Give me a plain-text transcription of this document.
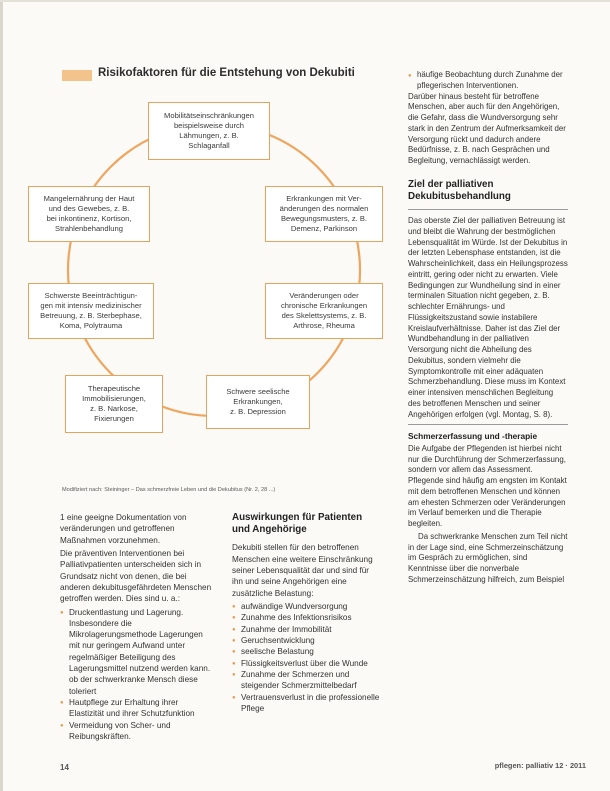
Risikofaktoren für die Entstehung von Dekubiti
Mobilitätseinschränkungen
beispielsweise durch
Lähmungen, z. B.
Schlaganfall
Erkrankungen mit Ver-
änderungen des normalen
Bewegungsmusters, z. B.
Demenz, Parkinson
Veränderungen oder
chronische Erkrankungen
des Skelettsystems, z. B.
Arthrose, Rheuma
Schwere seelische
Erkrankungen,
z. B. Depression
Therapeutische
Immobilisierungen,
z. B. Narkose,
Fixierungen
Schwerste Beeinträchtigun-
gen mit intensiv medizinischer
Betreuung, z. B. Sterbephase,
Koma, Polytrauma
Mangelernährung der Haut
und des Gewebes, z. B.
bei inkontinenz, Kortison,
Strahlenbehandlung
Modifiziert nach: Steininger – Das schmerzfreie Leben und die Dekubitus (Nr. 2, 28 ...)

1 eine geeigne Dokumentation von
veränderungen und getroffenen
Maßnahmen vorzunehmen.

Die präventiven Interventionen bei Palliativpatienten unterscheiden sich in Grundsatz nicht von denen, die bei anderen dekubitusgefährdeten Menschen getroffen werden. Dies sind u. a.:

● Druckentlastung und Lagerung. Insbesondere die Mikrolagerungsmethode Lagerungen mit nur geringem Aufwand unter regelmäßiger Beteiligung des Lagerungsmittel nutzend werden kann. ob der schwerkranke Mensch diese toleriert
● Hautpflege zur Erhaltung ihrer Elastizität und ihrer Schutzfunktion
● Vermeidung von Scher- und Reibungskräften.
Auswirkungen für Patienten und Angehörige

Dekubiti stellen für den betroffenen Menschen eine weitere Einschränkung seiner Lebensqualität dar und sind für ihn und seine Angehörigen eine zusätzliche Belastung:

● aufwändige Wundversorgung
● Zunahme des Infektionsrisikos
● Zunahme der Immobilität
● Geruchsentwicklung
● seelische Belastung
● Flüssigkeitsverlust über die Wunde
● Zunahme der Schmerzen und steigender Schmerzmittelbedarf
● Vertrauensverlust in die professionelle Pflege
● häufige Beobachtung durch Zunahme der pflegerischen Interventionen.

Darüber hinaus besteht für betroffene Menschen, aber auch für den Angehörigen, die Gefahr, dass die Wundversorgung sehr stark in den Zentrum der Aufmerksamkeit der Versorgung rückt und dadurch andere Bedürfnisse, z. B. nach Gesprächen und Begleitung, vernachlässigt werden.

Ziel der palliativen Dekubitusbehandlung

Das oberste Ziel der palliativen Betreuung ist und bleibt die Wahrung der bestmöglichen Lebensqualität im Würde. Ist der Dekubitus in der letzten Lebensphase entstanden, ist die Wahrscheinlichkeit, dass ein Heilungsprozess eintritt, gering oder nicht zu erwarten. Viele Bedingungen zur Wundheilung sind in einer terminalen Situation nicht gegeben, z. B. schlechter Ernährungs- und Flüssigkeitszustand sowie instabilere Kreislaufverhältnisse. Daher ist das Ziel der Wundbehandlung in der palliativen Versorgung nicht die Abheilung des Dekubitus, sondern vielmehr die Symptomkontrolle mit einer adäquaten Schmerzbehandlung. Diese muss im Kontext einer intensiven menschlichen Begleitung des betroffenen Menschen und seiner Angehörigen erfolgen (vgl. Montag, S. 8).

Schmerzerfassung und -therapie

Die Aufgabe der Pflegenden ist hierbei nicht nur die Durchführung der Schmerzerfassung, sondern vor allem das Assessment. Pflegende sind häufig am engsten im Kontakt mit dem betroffenen Menschen und können am ehesten Schmerzen oder Veränderungen im Verlauf bemerken und die Therapie begleiten.

Da schwerkranke Menschen zum Teil nicht in der Lage sind, eine Schmerzeinschätzung im Gespräch zu ermöglichen, sind Kenntnisse über die nonverbale Schmerzeinschätzung hilfreich, zum Beispiel

14	pflegen: palliativ 12 · 2011
